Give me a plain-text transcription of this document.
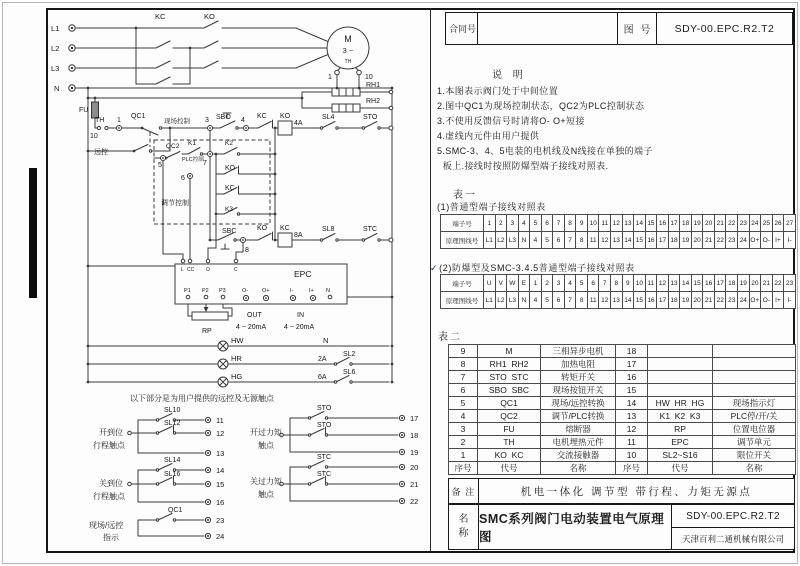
L1
L2
L3
N
KC	KO
M
3 ~
TH
1	10
RH1
RH2
FU
TH
10
1
QC1
现场控制
远控
3 SBO 4
KC KO
4A
SL4	STO
QC2
5
PLC控制
K1
7
K2
KO
KC
K3
调节控制
6
SBC
8
KO KC
8A
SL8	STC
EPC
L CC O	C
P1 P2 P3	O-	O+	I-	I+ N
OUT
4 ~ 20mA
IN
4 ~ 20mA
RP
HW	N
HR	2A
SL2
HG	6A
SL6
以下部分是为用户提供的远控及无源触点
SL10
11
开到位
SL12
12
行程触点
13
SL14
14
关到位
SL16
15
行程触点
16
QC1
23
现场/远控
指示	24
STO
17
开过力矩
STO
18
触点
19
STC
20
关过力矩
STC
21
触点
22
合同号	图 号 SDY-00.EPC.R2.T2
说 明
1.本图表示阀门处于中间位置
2.图中QC1为现场控制状态，QC2为PLC控制状态
3.不使用反馈信号时请将O- O+短接
4.虚线内元件由用户提供
5.SMC-3、4、5电装的电机线及N线接在单独的端子
板上.接线时按照防爆型端子接线对照表.
表一
(1)普通型端子接线对照表
端子号	1	2	3	4	5	6	7	8	9	10	11	12	13	14	15	16	17	18	19	20	21	22	23	24	25	26	27
原理图线号	L1	L2	L3	N	4	5	6	7	8	11	12	13	14	15	16	17	18	19	20	21	22	23	24	O+	O-	I+	I-
✓(2)防爆型及SMC-3.4.5普通型端子接线对照表
端子号	U	V	W	E	1	2	3	4	5	6	7	8	9	10	11	12	13	14	15	16	17	18	19	20	21	22	23
原理图线号	L1	L2	L3	N	4	5	6	7	8	11	12	13	14	15	16	17	18	19	20	21	22	23	24	O+	O-	I+	I-
表二
9	M	三相异步电机	18		
8	RH1  RH2	加热电阻	17		
7	STO  STC	转矩开关	16		
6	SBO  SBC	现场按钮开关	15		
5	QC1	现场/远控转换	14	HW  HR  HG	现场指示灯
4	QC2	调节/PLC转换	13	K1  K2  K3	PLC停/开/关
3	FU	熔断器	12	RP	位置电位器
2	TH	电机埋热元件	11	EPC	调节单元
1	KO  KC	交流接触器	10	SL2~S16	限位开关
序号	代号	名称	序号	代号	名称
备 注	机电一体化 调节型 带行程、力矩无源点
名称
SMC系列阀门电动装置电气原理图
SDY-00.EPC.R2.T2
天津百利二通机械有限公司
